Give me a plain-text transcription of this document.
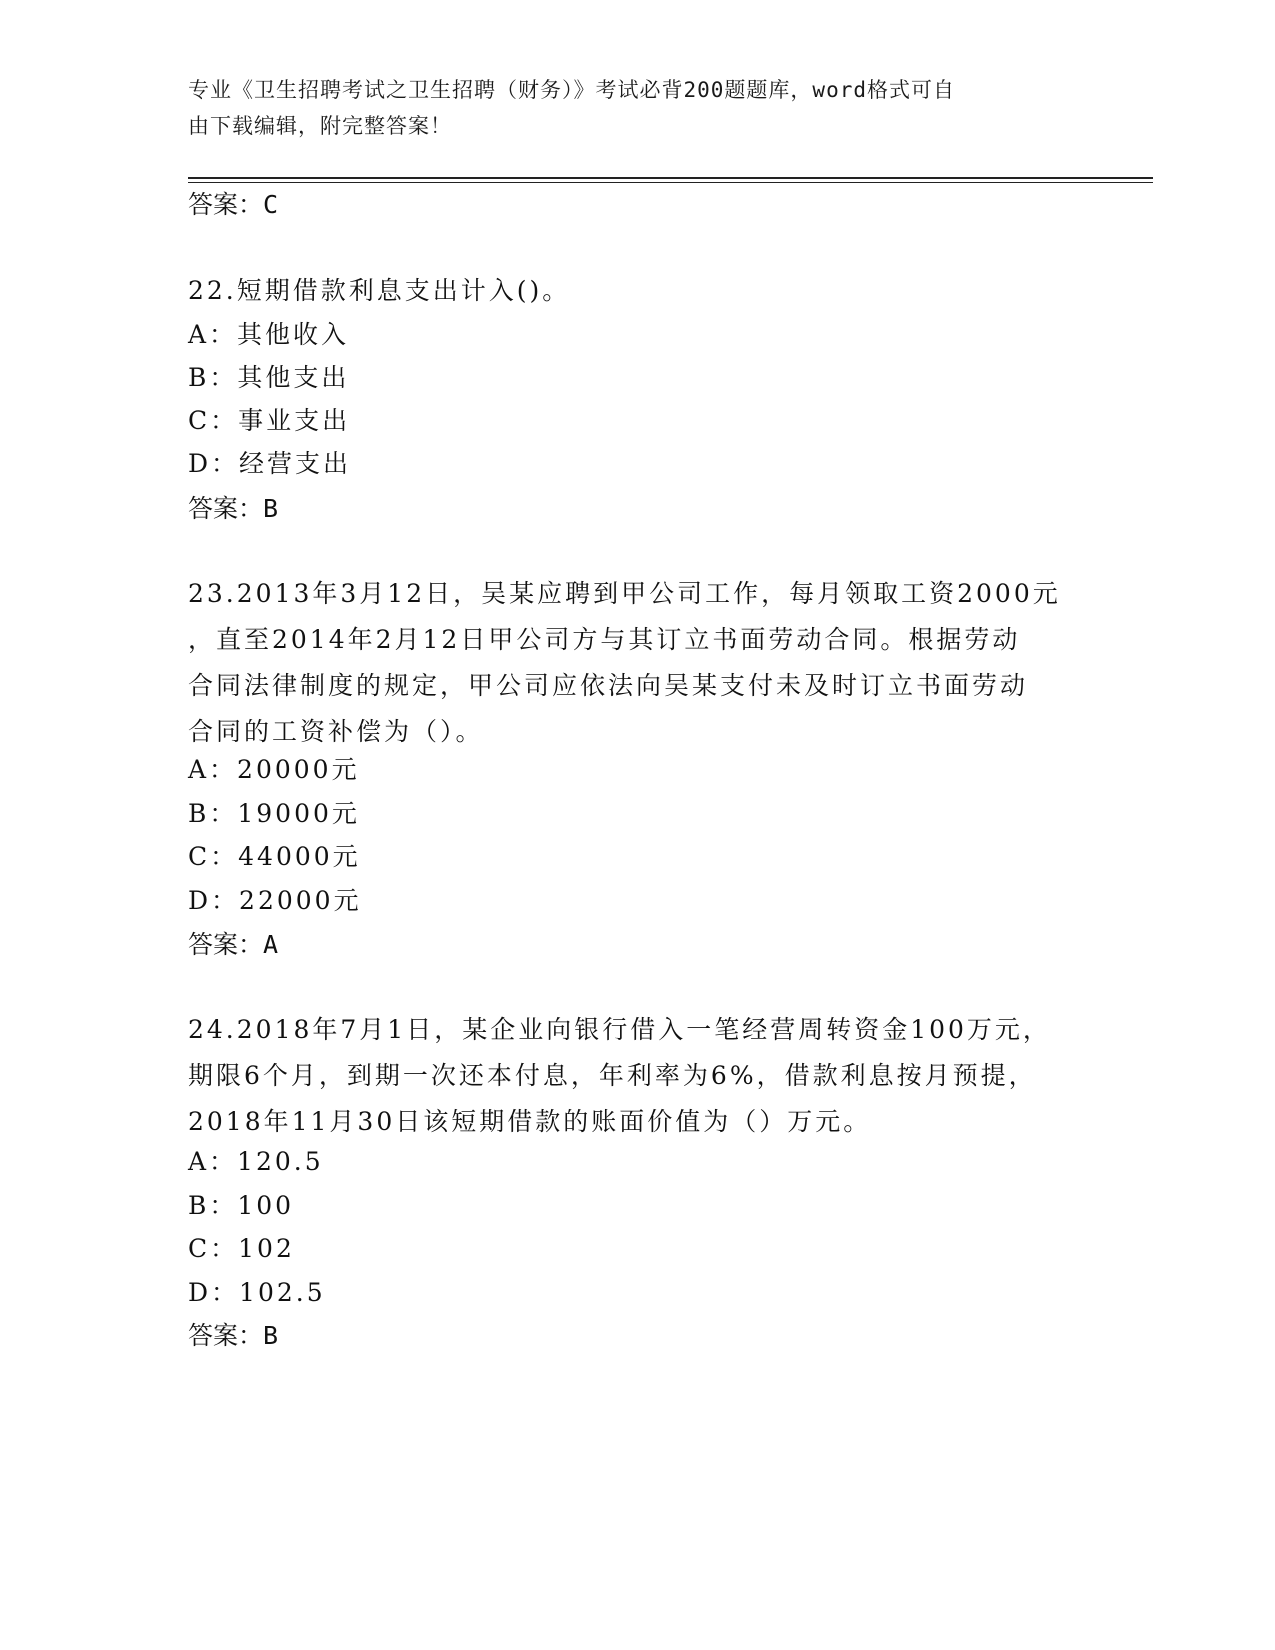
专业《卫生招聘考试之卫生招聘（财务）》考试必背200题题库，word格式可自
由下载编辑，附完整答案！
答案：C
22.短期借款利息支出计入()。
A：其他收入
B：其他支出
C：事业支出
D：经营支出
答案：B
23.2013年3月12日，吴某应聘到甲公司工作，每月领取工资2000元
，直至2014年2月12日甲公司方与其订立书面劳动合同。根据劳动
合同法律制度的规定，甲公司应依法向吴某支付未及时订立书面劳动
合同的工资补偿为（）。
A：20000元
B：19000元
C：44000元
D：22000元
答案：A
24.2018年7月1日，某企业向银行借入一笔经营周转资金100万元，
期限6个月，到期一次还本付息，年利率为6%，借款利息按月预提，
2018年11月30日该短期借款的账面价值为（）万元。
A：120.5
B：100
C：102
D：102.5
答案：B
